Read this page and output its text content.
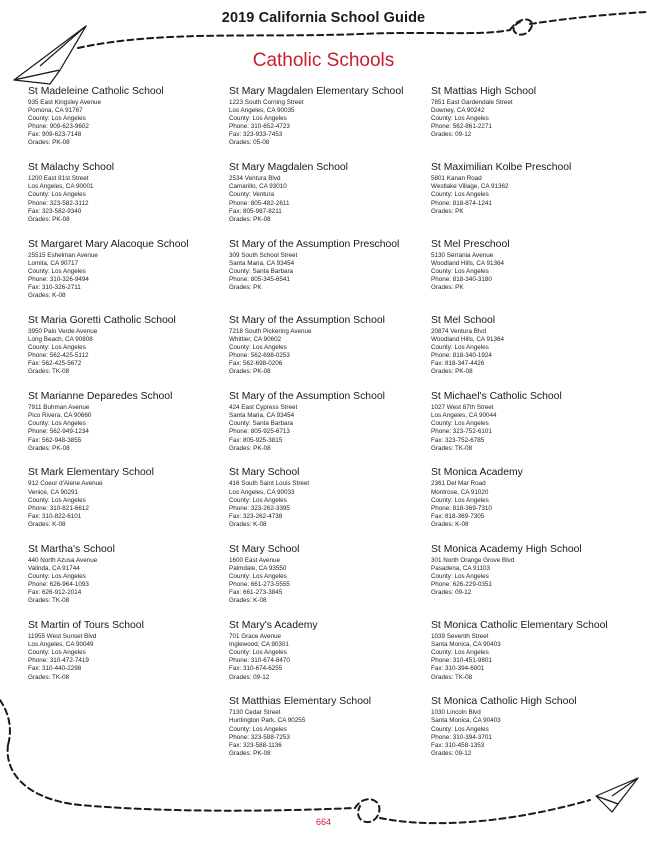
2019 California School Guide
Catholic Schools
St Madeleine Catholic School
935 East Kingsley Avenue
Pomona, CA 91767
County: Los Angeles
Phone: 909-623-9602
Fax: 909-623-7148
Grades: PK-08
St Malachy School
1200 East 81st Street
Los Angeles, CA 90001
County: Los Angeles
Phone: 323-582-3112
Fax: 323-582-9340
Grades: PK-08
St Margaret Mary Alacoque School
25515 Eshelman Avenue
Lomita, CA 90717
County: Los Angeles
Phone: 310-326-9494
Fax: 310-326-2711
Grades: K-08
St Maria Goretti Catholic School
3950 Palo Verde Avenue
Long Beach, CA 90808
County: Los Angeles
Phone: 562-425-5112
Fax: 562-425-5672
Grades: TK-08
St Marianne Deparedes School
7911 Buhman Avenue
Pico Rivera, CA 90660
County: Los Angeles
Phone: 562-949-1234
Fax: 562-948-3855
Grades: PK-08
St Mark Elementary School
912 Coeur d'Alene Avenue
Venice, CA 90291
County: Los Angeles
Phone: 310-821-6612
Fax: 310-822-6101
Grades: K-08
St Martha's School
440 North Azusa Avenue
Valinda, CA 91744
County: Los Angeles
Phone: 626-964-1093
Fax: 626-912-2014
Grades: TK-08
St Martin of Tours School
11955 West Sunset Blvd
Los Angeles, CA 90049
County: Los Angeles
Phone: 310-472-7419
Fax: 310-440-2298
Grades: TK-08
St Mary Magdalen Elementary School
1223 South Corning Street
Los Angeles, CA 90035
County: Los Angeles
Phone: 310-652-4723
Fax: 323-933-7453
Grades: 05-08
St Mary Magdalen School
2534 Ventura Blvd
Camarillo, CA 93010
County: Ventura
Phone: 805-482-2611
Fax: 805-987-8211
Grades: PK-08
St Mary of the Assumption Preschool
309 South School Street
Santa Maria, CA 93454
County: Santa Barbara
Phone: 805-345-6541
Grades: PK
St Mary of the Assumption School
7218 South Pickering Avenue
Whittier, CA 90602
County: Los Angeles
Phone: 562-698-0253
Fax: 562-698-0206
Grades: PK-08
St Mary of the Assumption School
424 East Cypress Street
Santa Maria, CA 93454
County: Santa Barbara
Phone: 805-925-6713
Fax: 805-925-3815
Grades: PK-08
St Mary School
416 South Saint Louis Street
Los Angeles, CA 90033
County: Los Angeles
Phone: 323-262-3395
Fax: 323-262-4738
Grades: K-08
St Mary School
1600 East Avenue
Palmdale, CA 93550
County: Los Angeles
Phone: 661-273-5555
Fax: 661-273-3845
Grades: K-08
St Mary's Academy
701 Grace Avenue
Inglewood, CA 90301
County: Los Angeles
Phone: 310-674-8470
Fax: 310-674-6255
Grades: 09-12
St Matthias Elementary School
7130 Cedar Street
Huntington Park, CA 90255
County: Los Angeles
Phone: 323-588-7253
Fax: 323-588-1136
Grades: PK-08
St Mattias High School
7851 East Gardendale Street
Downey, CA 90242
County: Los Angeles
Phone: 562-861-2271
Grades: 09-12
St Maximilian Kolbe Preschool
5801 Kanan Road
Westlake Village, CA 91362
County: Los Angeles
Phone: 818-874-1241
Grades: PK
St Mel Preschool
5130 Serrania Avenue
Woodland Hills, CA 91364
County: Los Angeles
Phone: 818-340-3180
Grades: PK
St Mel School
20874 Ventura Blvd
Woodland Hills, CA 91364
County: Los Angeles
Phone: 818-340-1924
Fax: 818-347-4426
Grades: PK-08
St Michael's Catholic School
1027 West 87th Street
Los Angeles, CA 90044
County: Los Angeles
Phone: 323-752-6101
Fax: 323-752-6785
Grades: TK-08
St Monica Academy
2361 Del Mar Road
Montrose, CA 91020
County: Los Angeles
Phone: 818-369-7310
Fax: 818-369-7305
Grades: K-08
St Monica Academy High School
301 North Orange Grove Blvd
Pasadena, CA 91103
County: Los Angeles
Phone: 626-229-0351
Grades: 09-12
St Monica Catholic Elementary School
1039 Seventh Street
Santa Monica, CA 90403
County: Los Angeles
Phone: 310-451-9801
Fax: 310-394-6001
Grades: TK-08
St Monica Catholic High School
1030 Lincoln Blvd
Santa Monica, CA 90403
County: Los Angeles
Phone: 310-394-3701
Fax: 310-458-1353
Grades: 09-12
664
